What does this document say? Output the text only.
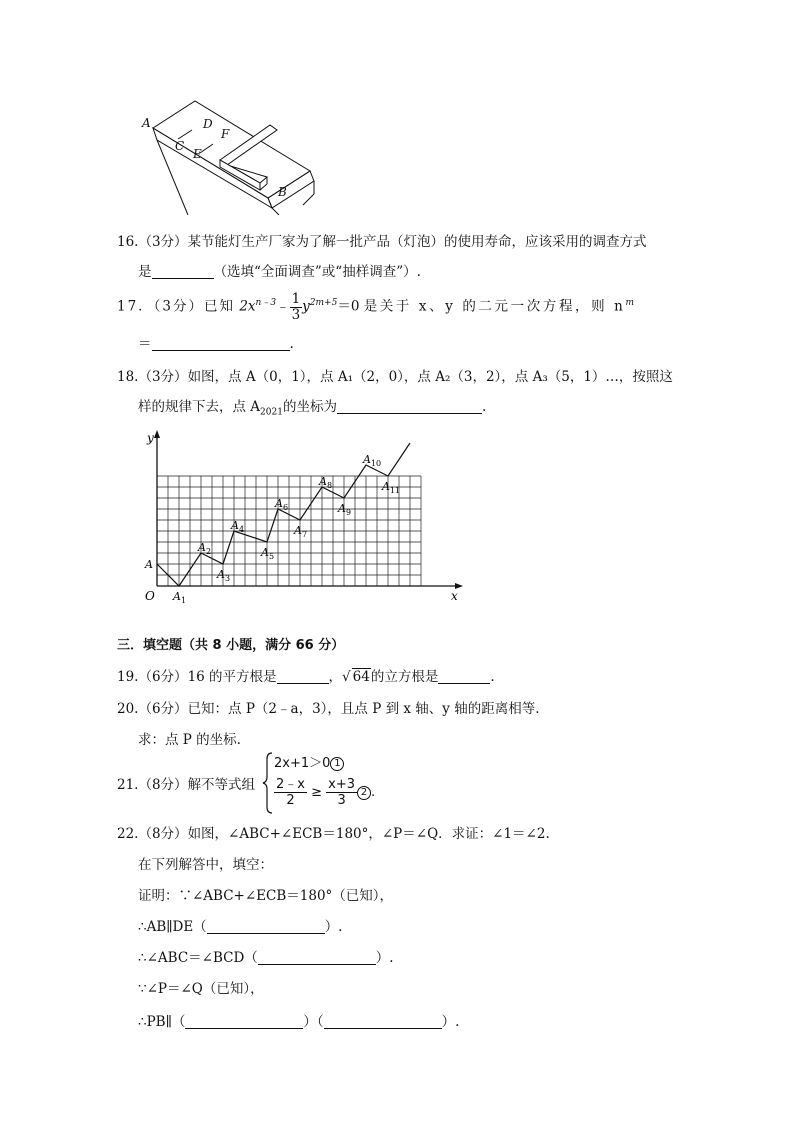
A	D
F
C
E
B
16.（3分）某节能灯生产厂家为了解一批产品（灯泡）的使用寿命，应该采用的调查方式
是	（选填“全面调查”或“抽样调查”）.
17．（3分）已知 $2x^{n﹣3}﹣ \frac{1}{3} y^{2m+5}=0$ 是关于 x、y 的二元一次方程，则 $n^m$
＝	.
18.（3分）如图，点 A（0，1），点 A₁（2，0），点 A₂（3，2），点 A₃（5，1）…，按照这
样的规律下去，点 $A_{2021}$的坐标为	.
x
y
O
A
$A_1$
$A_2$
$A_3$
$A_4$
$A_5$
$A_6$
$A_7$
$A_8$
$A_9$
$A_{10}$
$A_{11}$
三．填空题（共 8 小题，满分 66 分）
19.（6分）16 的平方根是	，√ 64的立方根是	.
20.（6分）已知：点 P（2﹣a，3），且点 P 到 x 轴、y 轴的距离相等.
求：点 P 的坐标.
21.（8分）解不等式组
2x+1＞0 1
$\frac{2﹣x}{2} \ge \frac{x+3}{3} 2$ .
22.（8分）如图，∠ABC+∠ECB＝180°，∠P＝∠Q．求证：∠1＝∠2.
在下列解答中，填空：
证明：∵∠ABC+∠ECB＝180°（已知），
∴AB∥DE（	）.
∴∠ABC＝∠BCD（	）.
∵∠P＝∠Q（已知），
∴PB∥（	）（	）.
